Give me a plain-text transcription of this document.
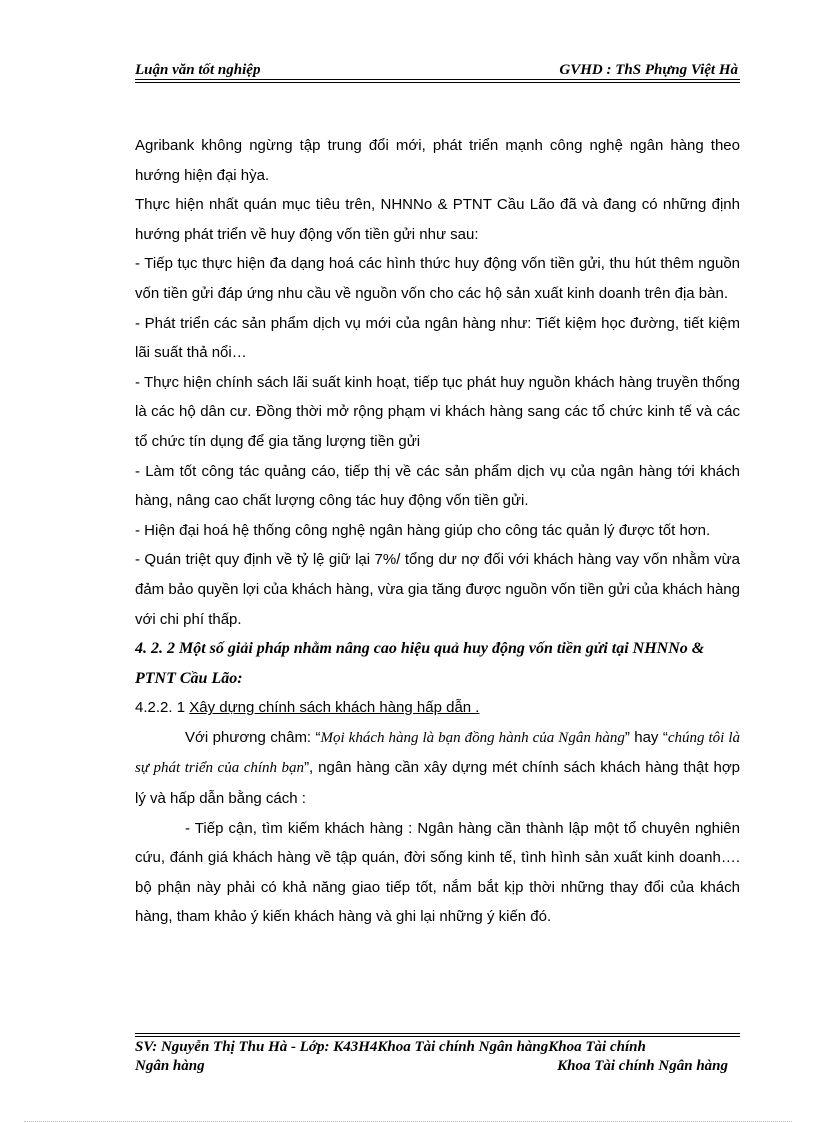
Luận văn tốt nghiệp	GVHD : ThS Phựng Việt Hà

Agribank không ngừng tập trung đổi mới, phát triển mạnh công nghệ ngân hàng theo hướng hiện đại hỳa.

Thực hiện nhất quán mục tiêu trên, NHNNo & PTNT Cầu Lão đã và đang có những định hướng phát triển về huy động vốn tiền gửi như sau:

- Tiếp tục thực hiện đa dạng hoá các hình thức huy động vốn tiền gửi, thu hút thêm nguồn vốn tiền gửi đáp ứng nhu cầu về nguồn vốn cho các hộ sản xuất kinh doanh trên địa bàn.

- Phát triển các sản phẩm dịch vụ mới của ngân hàng như: Tiết kiệm học đường, tiết kiệm lãi suất thả nổi…

- Thực hiện chính sách lãi suất kinh hoạt, tiếp tục phát huy nguồn khách hàng truyền thống là các hộ dân cư. Đồng thời mở rộng phạm vi khách hàng sang các tổ chức kinh tế và các tổ chức tín dụng để gia tăng lượng tiền gửi

- Làm tốt công tác quảng cáo, tiếp thị về các sản phẩm dịch vụ của ngân hàng tới khách hàng, nâng cao chất lượng công tác huy động vốn tiền gửi.

- Hiện đại hoá hệ thống công nghệ ngân hàng giúp cho công tác quản lý được tốt hơn.

- Quán triệt quy định về tỷ lệ giữ lại 7%/ tổng dư nợ đối với khách hàng vay vốn nhằm vừa đảm bảo quyền lợi của khách hàng, vừa gia tăng được nguồn vốn tiền gửi của khách hàng với chi phí thấp.

4. 2. 2 Một số giải pháp nhằm nâng cao hiệu quả huy động vốn tiền gửi tại NHNNo & PTNT Cầu Lão:

4.2.2. 1 Xây dựng chính sách khách hàng hấp dẫn .

Với phương châm: “Mọi khách hàng là bạn đồng hành của Ngân hàng” hay “chúng tôi là sự phát triển của chính bạn”, ngân hàng cần xây dựng mét chính sách khách hàng thật hợp lý và hấp dẫn bằng cách :

- Tiếp cận, tìm kiếm khách hàng : Ngân hàng cần thành lập một tổ chuyên nghiên cứu, đánh giá khách hàng về tập quán, đời sống kinh tế, tình hình sản xuất kinh doanh…. bộ phận này phải có khả năng giao tiếp tốt, nắm bắt kịp thời những thay đổi của khách hàng, tham khảo ý kiến khách hàng và ghi lại những ý kiến đó.

SV: Nguyễn Thị Thu Hà - Lớp: K43H4Khoa Tài chính Ngân hàngKhoa Tài chính
Ngân hàng	Khoa Tài chính Ngân hàng
